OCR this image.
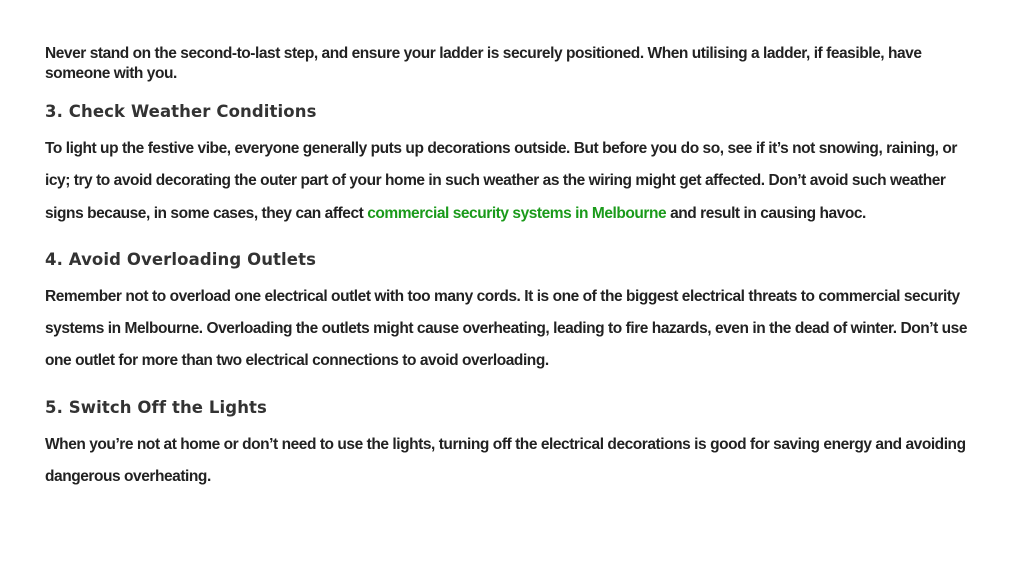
Never stand on the second-to-last step, and ensure your ladder is securely positioned. When utilising a ladder, if feasible, have someone with you.

3. Check Weather Conditions

To light up the festive vibe, everyone generally puts up decorations outside. But before you do so, see if it’s not snowing, raining, or icy; try to avoid decorating the outer part of your home in such weather as the wiring might get affected. Don’t avoid such weather signs because, in some cases, they can affect commercial security systems in Melbourne and result in causing havoc.

4. Avoid Overloading Outlets

Remember not to overload one electrical outlet with too many cords. It is one of the biggest electrical threats to commercial security systems in Melbourne. Overloading the outlets might cause overheating, leading to fire hazards, even in the dead of winter. Don’t use one outlet for more than two electrical connections to avoid overloading.

5. Switch Off the Lights

When you’re not at home or don’t need to use the lights, turning off the electrical decorations is good for saving energy and avoiding dangerous overheating.
